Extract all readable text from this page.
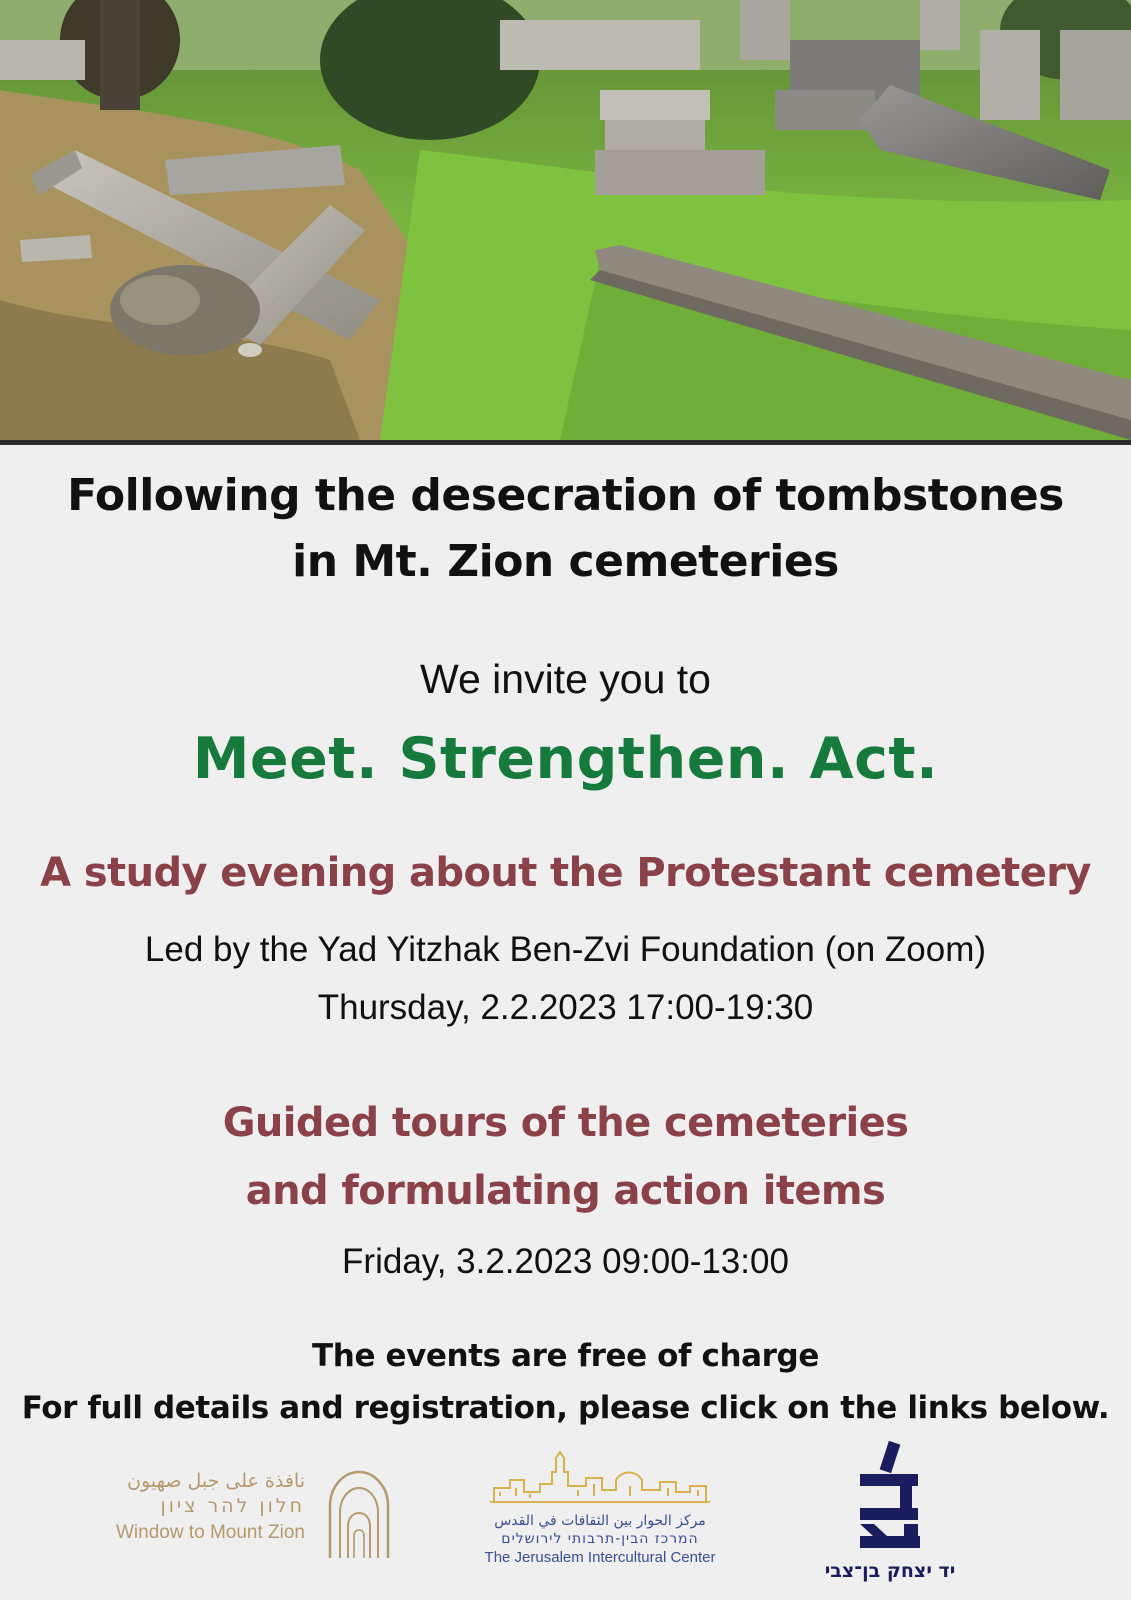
Following the desecration of tombstones
in Mt. Zion cemeteries
We invite you to
Meet. Strengthen. Act.
A study evening about the Protestant cemetery
Led by the Yad Yitzhak Ben-Zvi Foundation (on Zoom)
Thursday, 2.2.2023 17:00-19:30
Guided tours of the cemeteries
and formulating action items
Friday, 3.2.2023 09:00-13:00
The events are free of charge
For full details and registration, please click on the links below.
نافذة على جبل صهيون
חלון להר ציון
Window to Mount Zion
مركز الحوار بين الثقافات في القدس
המרכז הבין-תרבותי לירושלים
The Jerusalem Intercultural Center
יד יצחק בן־צבי
